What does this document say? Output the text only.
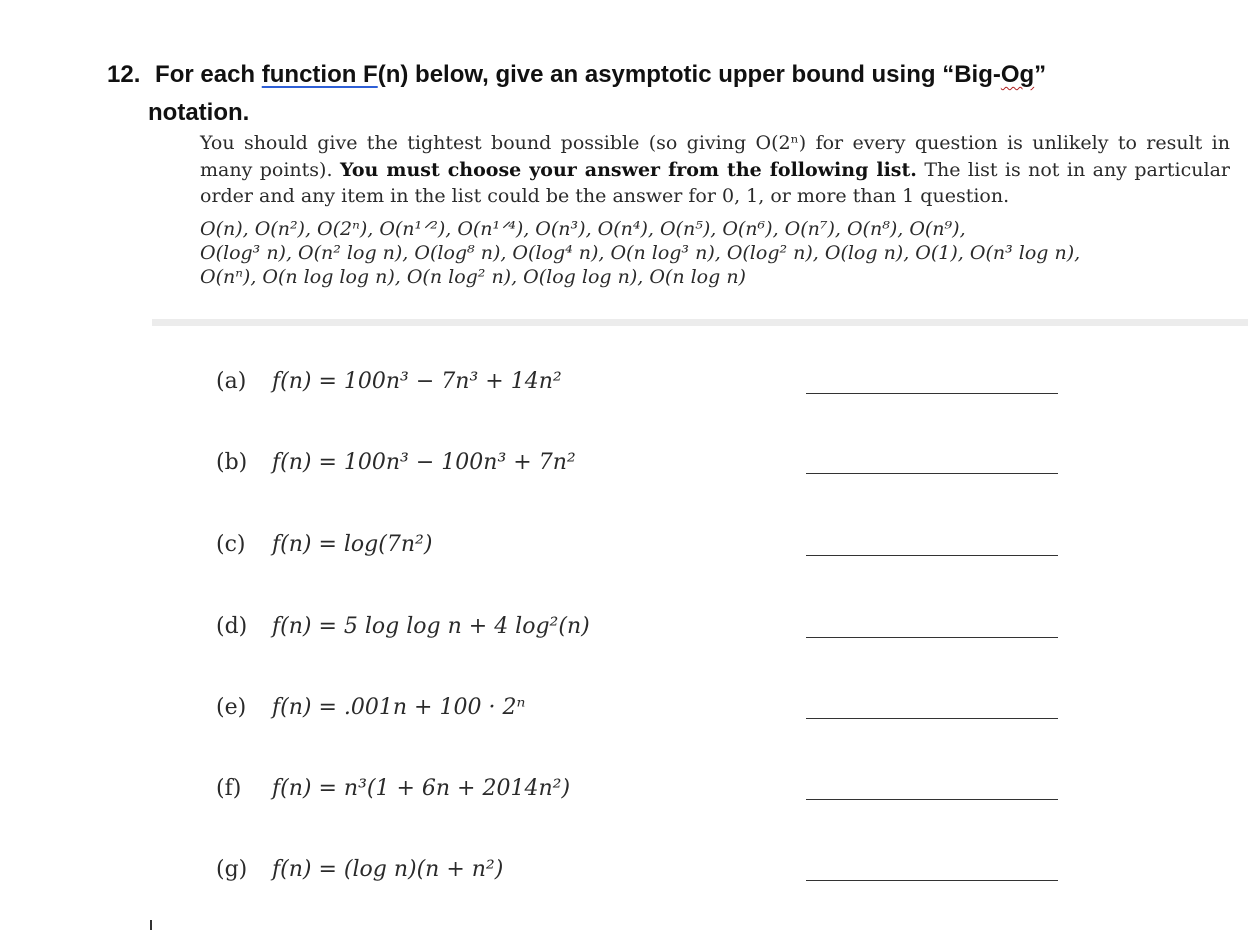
12. For each function F(n) below, give an asymptotic upper bound using “Big-Og”
notation.
You should give the tightest bound possible (so giving O(2ⁿ) for every question is unlikely to result in many points). You must choose your answer from the following list. The list is not in any particular order and any item in the list could be the answer for 0, 1, or more than 1 question.
O(n), O(n²), O(2ⁿ), O(n¹ᐟ²), O(n¹ᐟ⁴), O(n³), O(n⁴), O(n⁵), O(n⁶), O(n⁷), O(n⁸), O(n⁹),
O(log³ n), O(n² log n), O(log⁸ n), O(log⁴ n), O(n log³ n), O(log² n), O(log n), O(1), O(n³ log n),
O(nⁿ), O(n log log n), O(n log² n), O(log log n), O(n log n)
(a) f(n) = 100n³ − 7n³ + 14n²
(b) f(n) = 100n³ − 100n³ + 7n²
(c) f(n) = log(7n²)
(d) f(n) = 5 log log n + 4 log²(n)
(e) f(n) = .001n + 100 · 2ⁿ
(f) f(n) = n³(1 + 6n + 2014n²)
(g) f(n) = (log n)(n + n²)
